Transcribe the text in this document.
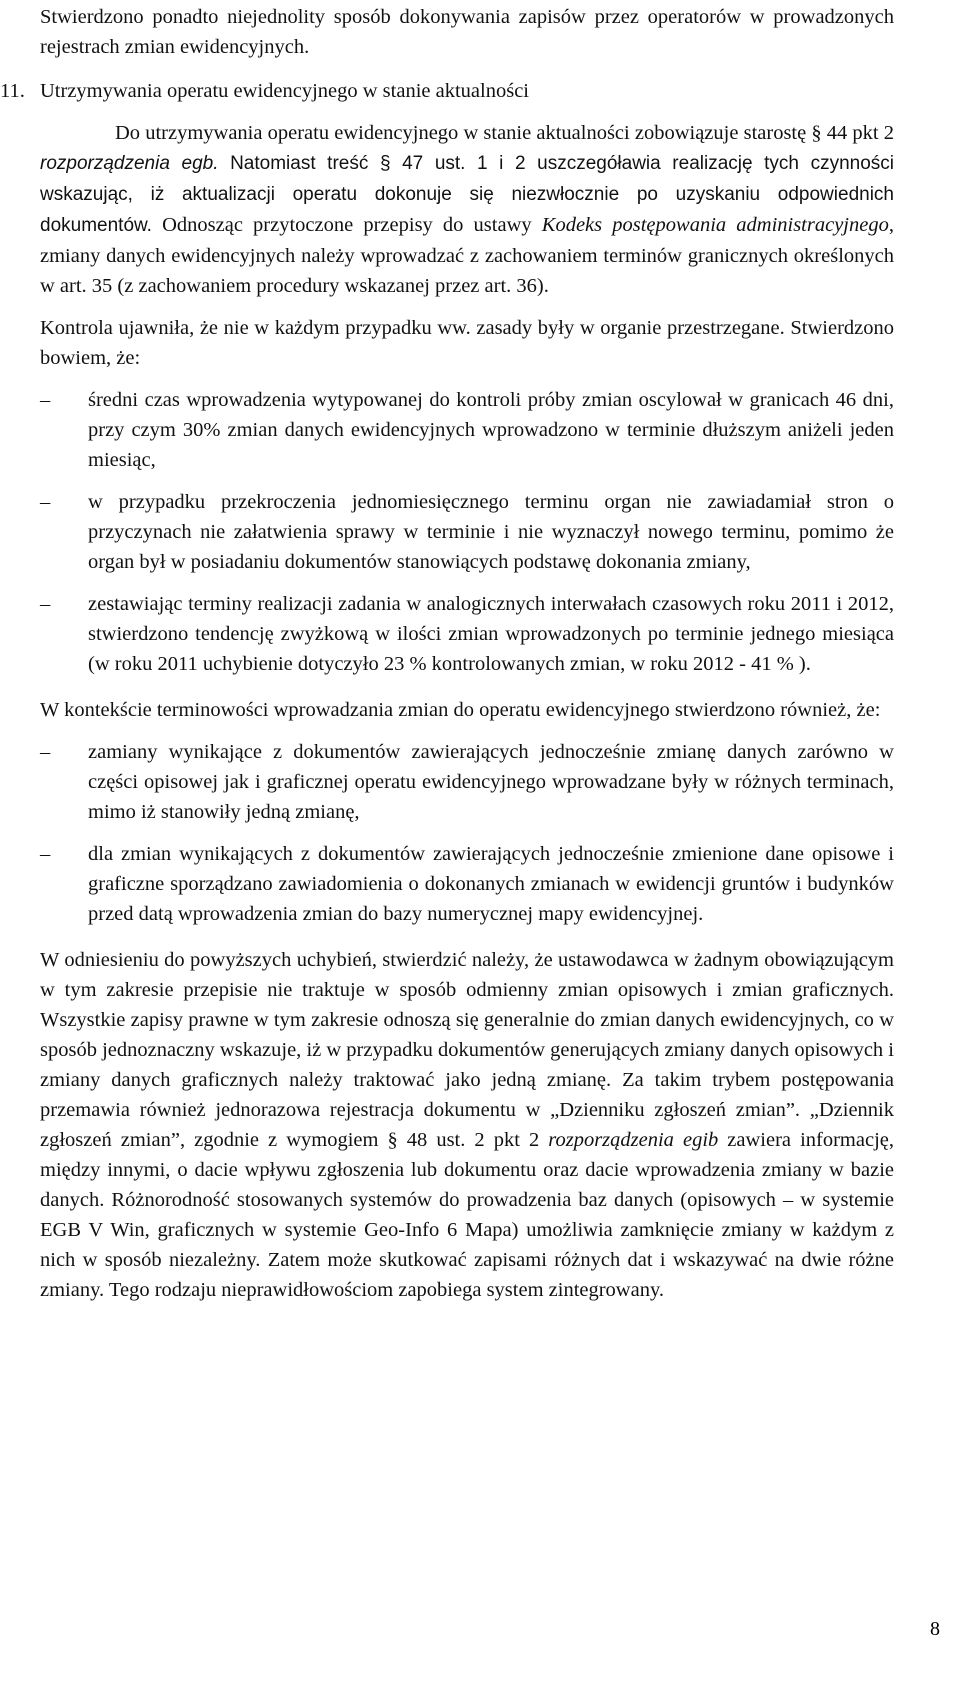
Stwierdzono ponadto niejednolity sposób dokonywania zapisów przez operatorów w prowadzonych rejestrach zmian ewidencyjnych.

11. Utrzymywania operatu ewidencyjnego w stanie aktualności

Do utrzymywania operatu ewidencyjnego w stanie aktualności zobowiązuje starostę § 44 pkt 2 rozporządzenia egb. Natomiast treść § 47 ust. 1 i 2 uszczegóławia realizację tych czynności wskazując, iż aktualizacji operatu dokonuje się niezwłocznie po uzyskaniu odpowiednich dokumentów. Odnosząc przytoczone przepisy do ustawy Kodeks postępowania administracyjnego, zmiany danych ewidencyjnych należy wprowadzać z zachowaniem terminów granicznych określonych w art. 35 (z zachowaniem procedury wskazanej przez art. 36).

Kontrola ujawniła, że nie w każdym przypadku ww. zasady były w organie przestrzegane. Stwierdzono bowiem, że:

–	średni czas wprowadzenia wytypowanej do kontroli próby zmian oscylował w granicach 46 dni, przy czym 30% zmian danych ewidencyjnych wprowadzono w terminie dłuższym aniżeli jeden miesiąc,
–	w przypadku przekroczenia jednomiesięcznego terminu organ nie zawiadamiał stron o przyczynach nie załatwienia sprawy w terminie i nie wyznaczył nowego terminu, pomimo że organ był w posiadaniu dokumentów stanowiących podstawę dokonania zmiany,
–	zestawiając terminy realizacji zadania w analogicznych interwałach czasowych roku 2011 i 2012, stwierdzono tendencję zwyżkową w ilości zmian wprowadzonych po terminie jednego miesiąca (w roku 2011 uchybienie dotyczyło 23 % kontrolowanych zmian, w roku 2012 - 41 % ).

W kontekście terminowości wprowadzania zmian do operatu ewidencyjnego stwierdzono również, że:

–	zamiany wynikające z dokumentów zawierających jednocześnie zmianę danych zarówno w części opisowej jak i graficznej operatu ewidencyjnego wprowadzane były w różnych terminach, mimo iż stanowiły jedną zmianę,
–	dla zmian wynikających z dokumentów zawierających jednocześnie zmienione dane opisowe i graficzne sporządzano zawiadomienia o dokonanych zmianach w ewidencji gruntów i budynków przed datą wprowadzenia zmian do bazy numerycznej mapy ewidencyjnej.

W odniesieniu do powyższych uchybień, stwierdzić należy, że ustawodawca w żadnym obowiązującym w tym zakresie przepisie nie traktuje w sposób odmienny zmian opisowych i zmian graficznych. Wszystkie zapisy prawne w tym zakresie odnoszą się generalnie do zmian danych ewidencyjnych, co w sposób jednoznaczny wskazuje, iż w przypadku dokumentów generujących zmiany danych opisowych i zmiany danych graficznych należy traktować jako jedną zmianę. Za takim trybem postępowania przemawia również jednorazowa rejestracja dokumentu w „Dzienniku zgłoszeń zmian”. „Dziennik zgłoszeń zmian”, zgodnie z wymogiem § 48 ust. 2 pkt 2 rozporządzenia egib zawiera informację, między innymi, o dacie wpływu zgłoszenia lub dokumentu oraz dacie wprowadzenia zmiany w bazie danych. Różnorodność stosowanych systemów do prowadzenia baz danych (opisowych – w systemie EGB V Win, graficznych w systemie Geo-Info 6 Mapa) umożliwia zamknięcie zmiany w każdym z nich w sposób niezależny. Zatem może skutkować zapisami różnych dat i wskazywać na dwie różne zmiany. Tego rodzaju nieprawidłowościom zapobiega system zintegrowany.

8
